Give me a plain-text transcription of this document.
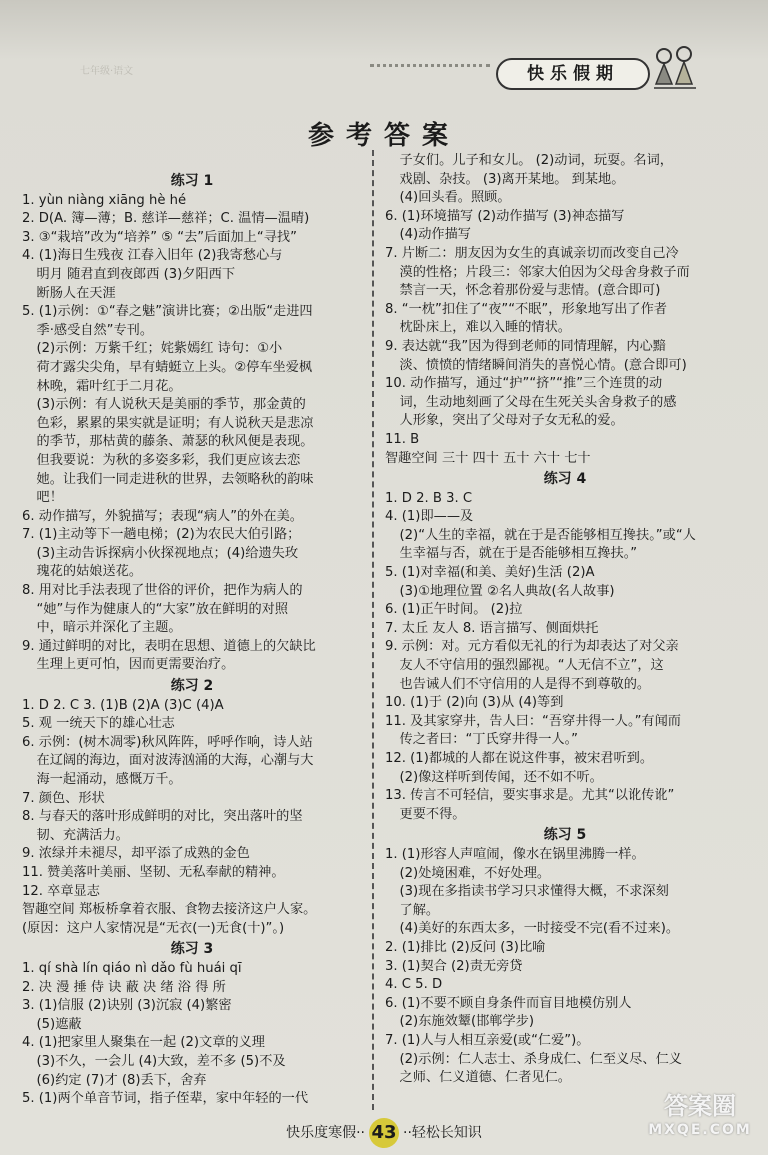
七年级·语文	快乐假期
参考答案
练习 1
1. yùn niàng xiāng hè hé
2. D(A. 簿—薄；B. 慈详—慈祥；C. 温情—温晴)
3. ③“栽培”改为“培养” ⑤ “去”后面加上“寻找”
4. (1)海日生残夜 江春入旧年 (2)我寄愁心与
明月 随君直到夜郎西 (3)夕阳西下
断肠人在天涯
5. (1)示例：①“春之魅”演讲比赛；②出版“走进四
季·感受自然”专刊。
(2)示例：万紫千红；姹紫嫣红 诗句：①小
荷才露尖尖角，早有蜻蜓立上头。②停车坐爱枫
林晚，霜叶红于二月花。
(3)示例：有人说秋天是美丽的季节，那金黄的
色彩，累累的果实就是证明；有人说秋天是悲凉
的季节，那枯黄的藤条、萧瑟的秋风便是表现。
但我要说：为秋的多姿多彩，我们更应该去恋
她。让我们一同走进秋的世界，去领略秋的韵味
吧！
6. 动作描写，外貌描写；表现“病人”的外在美。
7. (1)主动等下一趟电梯；(2)为农民大伯引路；
(3)主动告诉探病小伙探视地点；(4)给遗失玫
瑰花的姑娘送花。
8. 用对比手法表现了世俗的评价，把作为病人的
“她”与作为健康人的“大家”放在鲜明的对照
中，暗示并深化了主题。
9. 通过鲜明的对比，表明在思想、道德上的欠缺比
生理上更可怕，因而更需要治疗。
练习 2
1. D 2. C 3. (1)B (2)A (3)C (4)A
5. 观 一统天下的雄心壮志
6. 示例：(树木凋零)秋风阵阵，呼呼作响，诗人站
在辽阔的海边，面对波涛汹涌的大海，心潮与大
海一起涌动，感慨万千。
7. 颜色、形状
8. 与春天的落叶形成鲜明的对比，突出落叶的坚
韧、充满活力。
9. 浓绿并未褪尽，却平添了成熟的金色
11. 赞美落叶美丽、坚韧、无私奉献的精神。
12. 卒章显志
智趣空间 郑板桥拿着衣服、食物去接济这户人家。
(原因：这户人家情况是“无衣(一)无食(十)”。)
练习 3
1. qí shà lín qiáo nì dǎo fù huái qī
2. 决 漫 捶 侍 诀 蔽 决 绪 浴 得 所
3. (1)信服 (2)诀别 (3)沉寂 (4)繁密
(5)遮蔽
4. (1)把家里人聚集在一起 (2)文章的义理
(3)不久，一会儿 (4)大致，差不多 (5)不及
(6)约定 (7)才 (8)丢下，舍弃
5. (1)两个单音节词，指子侄辈，家中年轻的一代
子女们。儿子和女儿。 (2)动词，玩耍。名词，
戏剧、杂技。 (3)离开某地。 到某地。
(4)回头看。照顾。
6. (1)环境描写 (2)动作描写 (3)神态描写
(4)动作描写
7. 片断二：朋友因为女生的真诚亲切而改变自己冷
漠的性格；片段三：邻家大伯因为父母舍身救子而
禁言一天，怀念着那份爱与悲情。(意合即可)
8. “一枕”扣住了“夜”“不眠”，形象地写出了作者
枕卧床上，难以入睡的情状。
9. 表达就“我”因为得到老师的同情理解，内心黯
淡、愤愤的情绪瞬间消失的喜悦心情。(意合即可)
10. 动作描写，通过“护”“挤”“推”三个连贯的动
词，生动地刻画了父母在生死关头舍身救子的感
人形象，突出了父母对子女无私的爱。
11. B
智趣空间 三十 四十 五十 六十 七十
练习 4
1. D 2. B 3. C
4. (1)即——及
(2)“人生的幸福，就在于是否能够相互搀扶。”或“人
生幸福与否，就在于是否能够相互搀扶。”
5. (1)对幸福(和美、美好)生活 (2)A
(3)①地理位置 ②名人典故(名人故事)
6. (1)正午时间。 (2)拉
7. 太丘 友人 8. 语言描写、侧面烘托
9. 示例：对。元方看似无礼的行为却表达了对父亲
友人不守信用的强烈鄙视。“人无信不立”，这
也告诫人们不守信用的人是得不到尊敬的。
10. (1)于 (2)向 (3)从 (4)等到
11. 及其家穿井，告人曰：“吾穿井得一人。”有闻而
传之者曰：“丁氏穿井得一人。”
12. (1)都城的人都在说这件事，被宋君听到。
(2)像这样听到传闻，还不如不听。
13. 传言不可轻信，要实事求是。尤其“以讹传讹”
更要不得。
练习 5
1. (1)形容人声喧闹，像水在锅里沸腾一样。
(2)处境困难，不好处理。
(3)现在多指读书学习只求懂得大概，不求深刻
了解。
(4)美好的东西太多，一时接受不完(看不过来)。
2. (1)排比 (2)反问 (3)比喻
3. (1)契合 (2)责无旁贷
4. C 5. D
6. (1)不要不顾自身条件而盲目地模仿别人
(2)东施效颦(邯郸学步)
7. (1)人与人相互亲爱(或“仁爱”)。
(2)示例：仁人志士、杀身成仁、仁至义尽、仁义
之师、仁义道德、仁者见仁。
快乐度寒假·· 43 ··轻松长知识
答案圈
MXQE.COM
